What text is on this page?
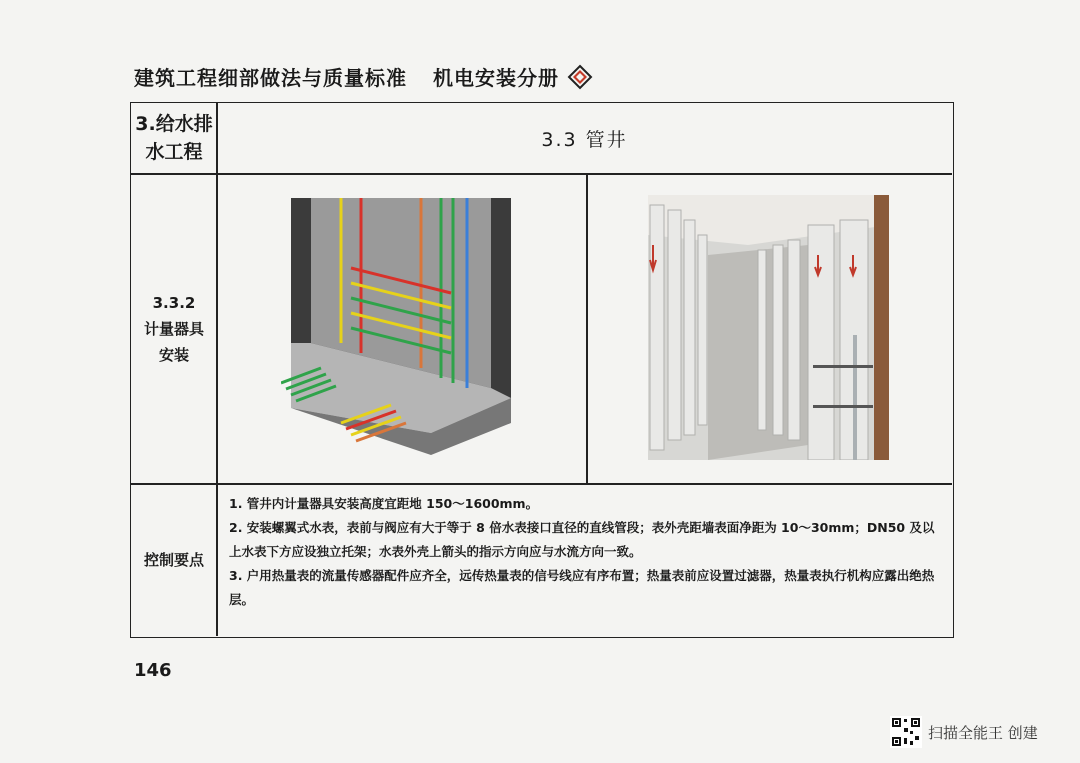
建筑工程细部做法与质量标准 机电安装分册
3.给水排
水工程
3.3 管井
3.3.2
计量器具
安装
控制要点

1. 管井内计量器具安装高度宜距地 150～1600mm。

2. 安装螺翼式水表，表前与阀应有大于等于 8 倍水表接口直径的直线管段；表外壳距墙表面净距为 10～30mm；DN50 及以上水表下方应设独立托架；水表外壳上箭头的指示方向应与水流方向一致。

3. 户用热量表的流量传感器配件应齐全，远传热量表的信号线应有序布置；热量表前应设置过滤器，热量表执行机构应露出绝热层。

146
扫描全能王 创建
